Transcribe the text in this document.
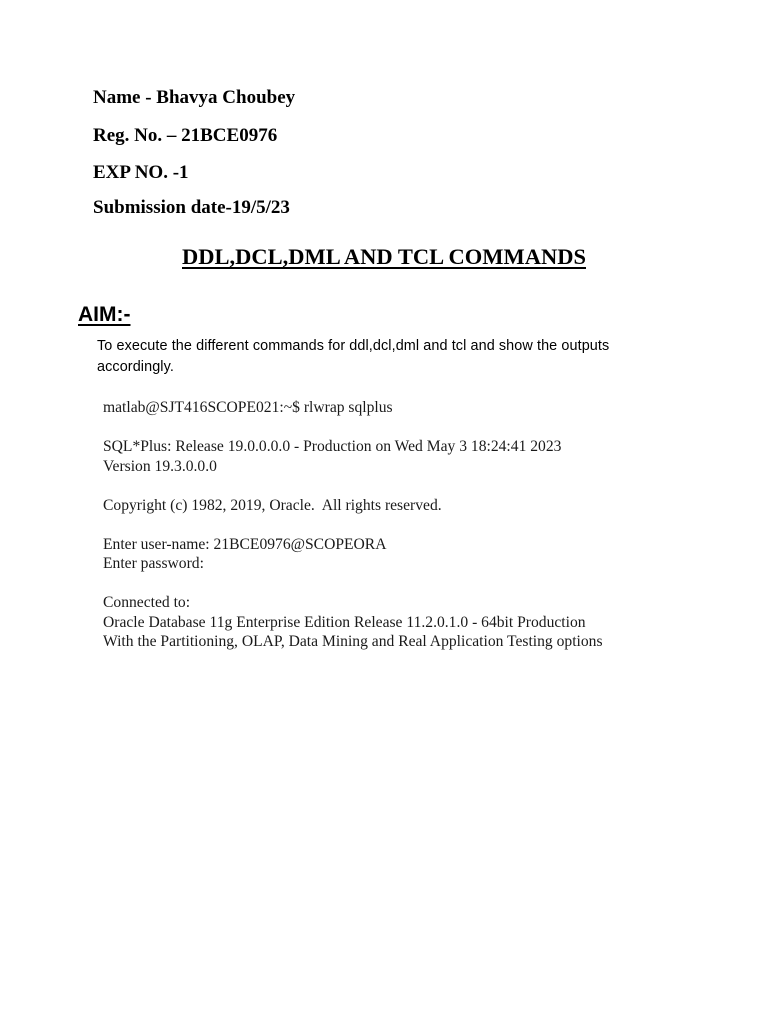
Name - Bhavya Choubey
Reg. No. – 21BCE0976
EXP NO. -1
Submission date-19/5/23
DDL,DCL,DML AND TCL COMMANDS
AIM:-
To execute the different commands for ddl,dcl,dml and tcl and show the outputs accordingly.
matlab@SJT416SCOPE021:~$ rlwrap sqlplus
SQL*Plus: Release 19.0.0.0.0 - Production on Wed May 3 18:24:41 2023
Version 19.3.0.0.0
Copyright (c) 1982, 2019, Oracle.  All rights reserved.
Enter user-name: 21BCE0976@SCOPEORA
Enter password:
Connected to:
Oracle Database 11g Enterprise Edition Release 11.2.0.1.0 - 64bit Production
With the Partitioning, OLAP, Data Mining and Real Application Testing options
